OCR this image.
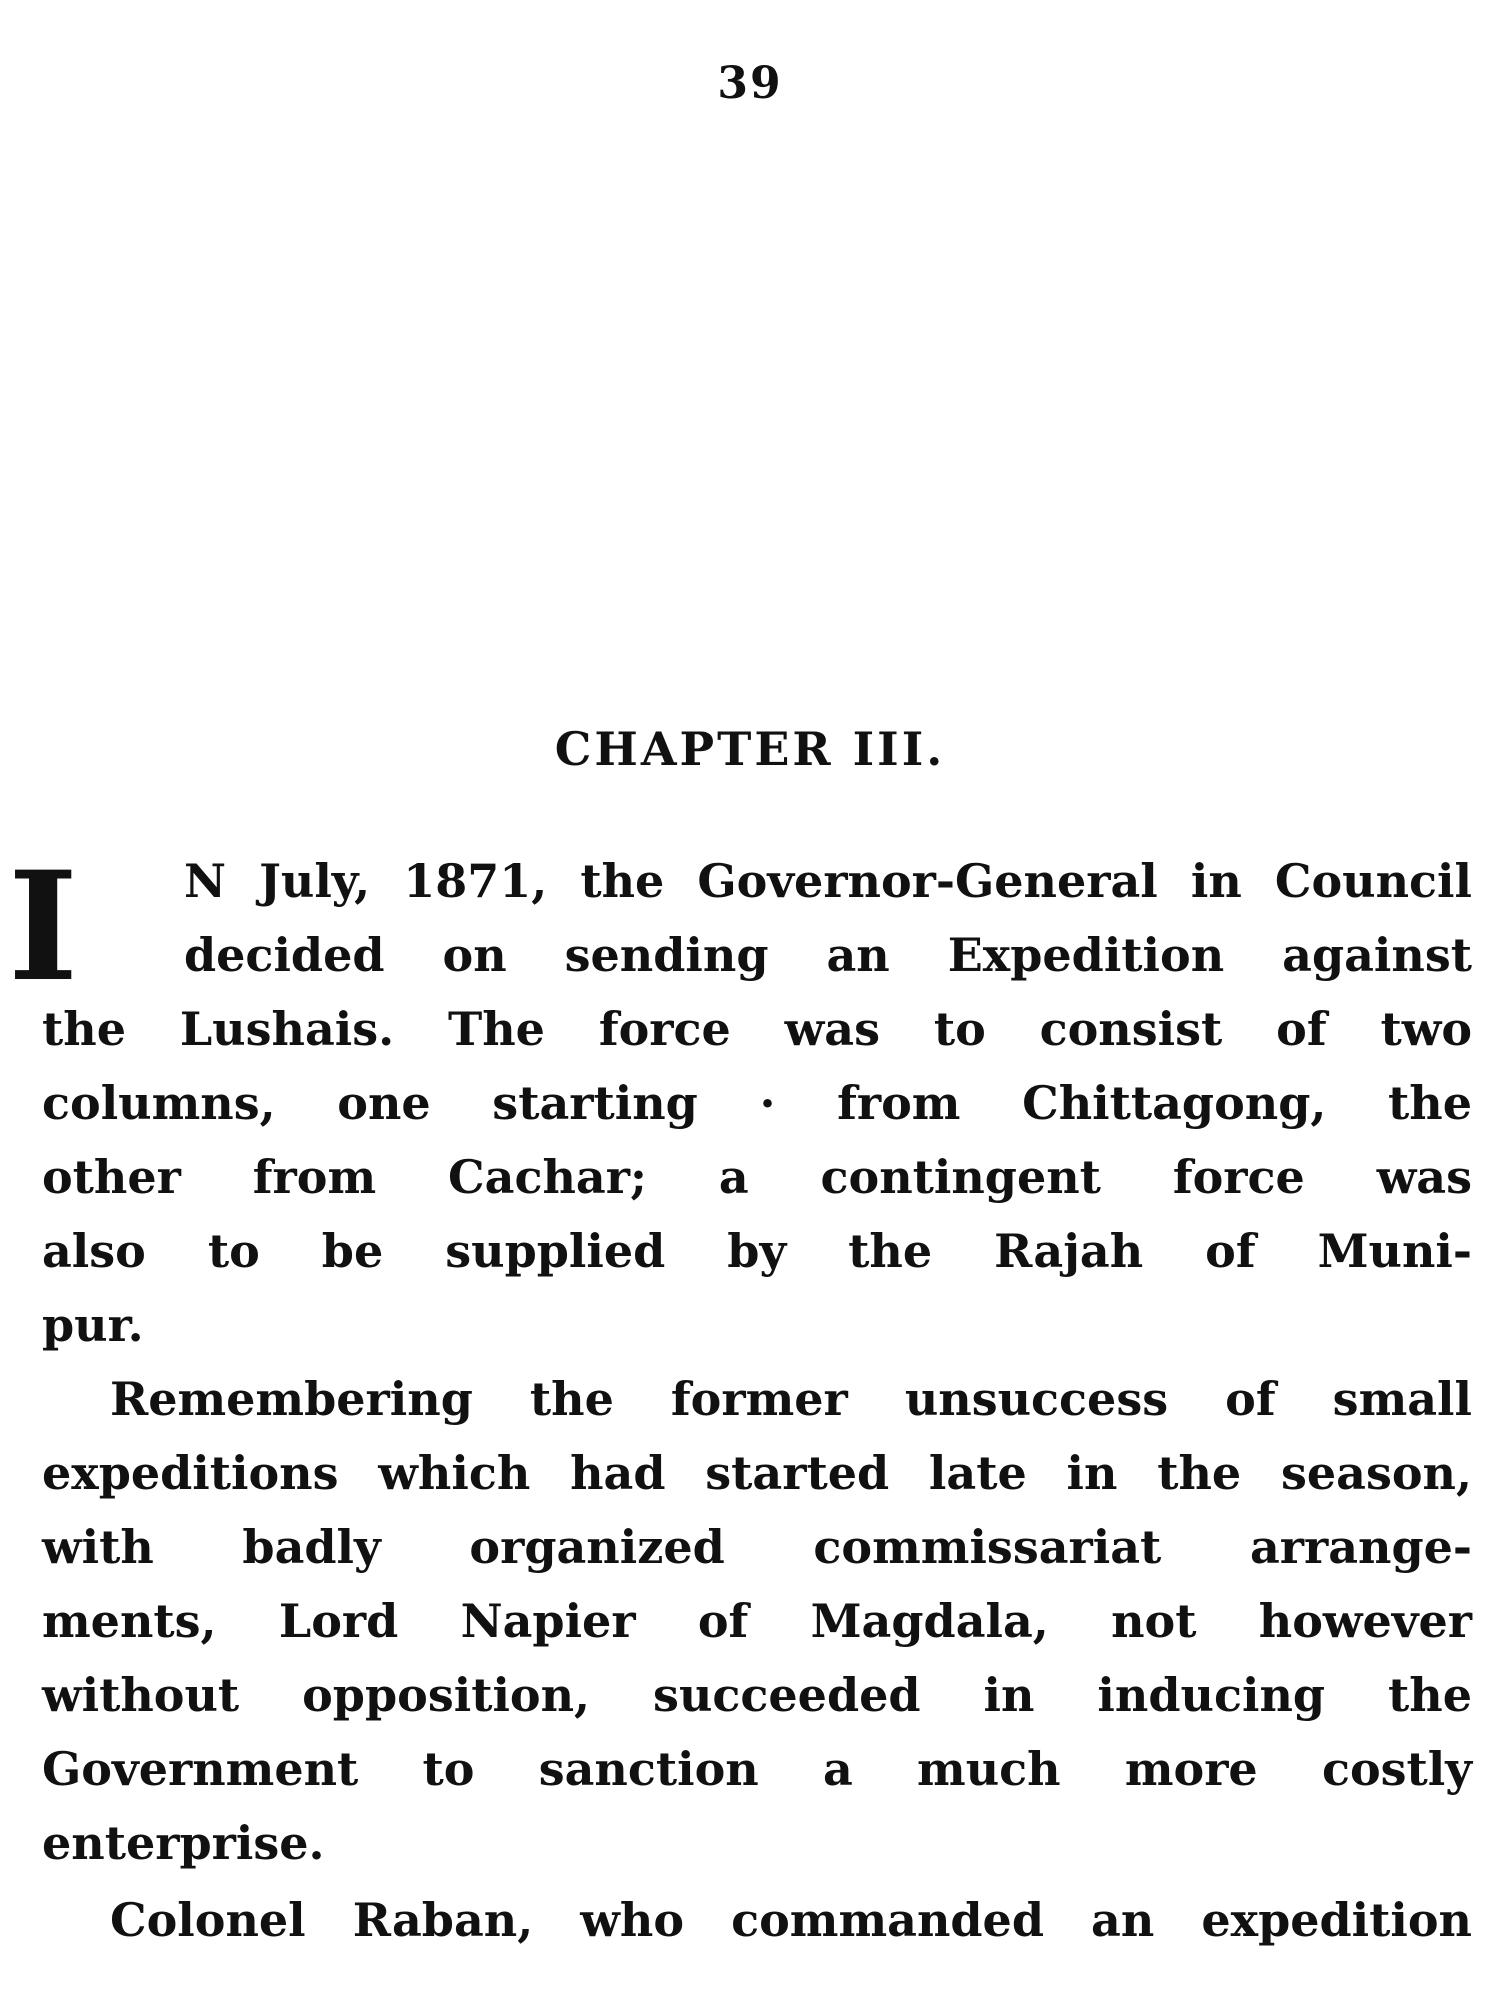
39
CHAPTER III.
I N July, 1871, the Governor-General in Council
decided on sending an Expedition against
the Lushais. The force was to consist of two
columns, one starting · from Chittagong, the
other from Cachar; a contingent force was
also to be supplied by the Rajah of Muni-
pur.
Remembering the former unsuccess of small
expeditions which had started late in the season,
with badly organized commissariat arrange-
ments, Lord Napier of Magdala, not however
without opposition, succeeded in inducing the
Government to sanction a much more costly
enterprise.
Colonel Raban, who commanded an expedition
